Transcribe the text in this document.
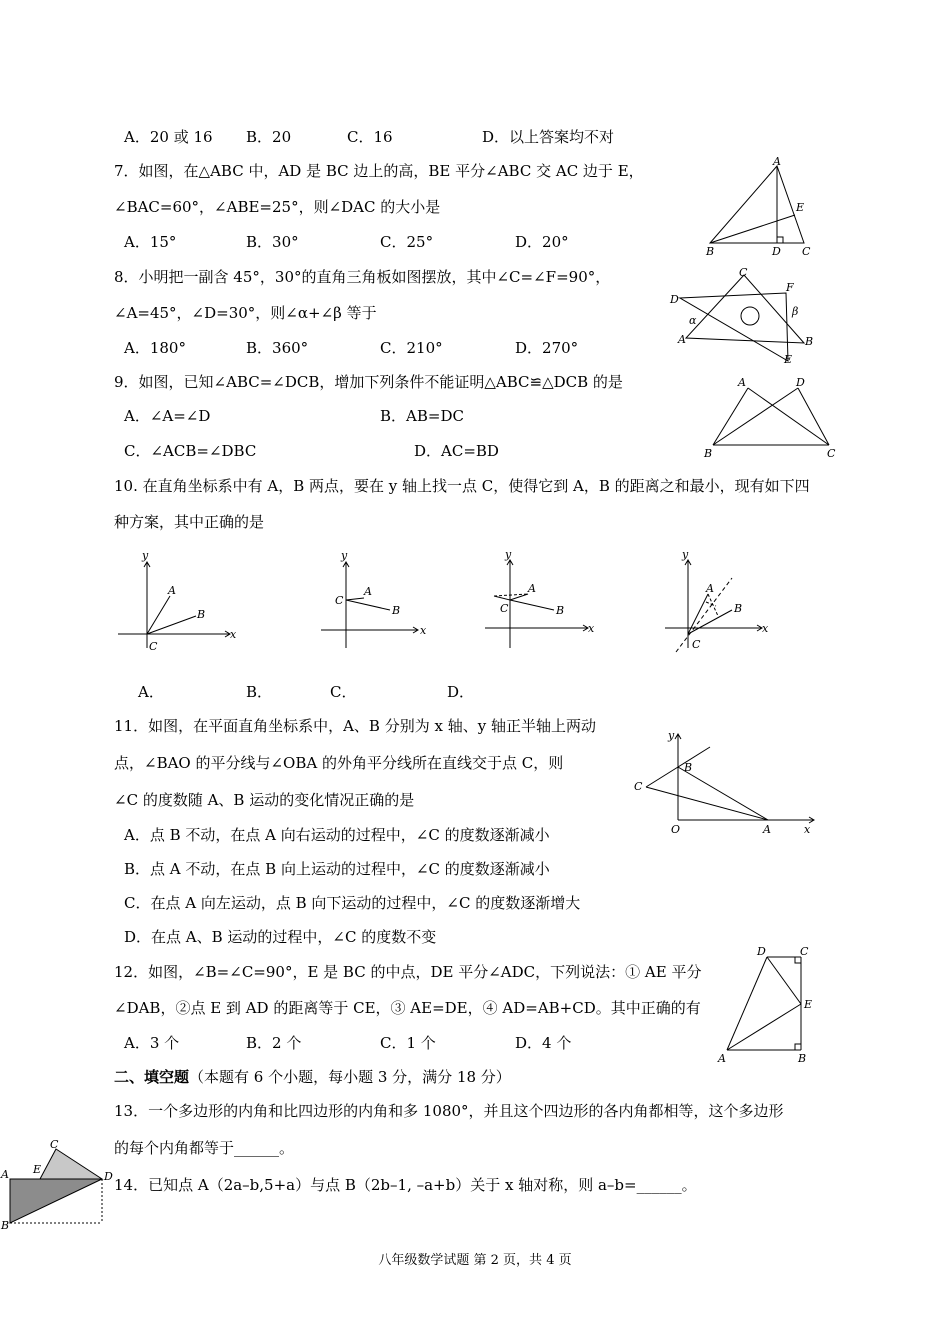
A．20 或 16 B．20	C．16	D．以上答案均不对
7．如图，在△ABC 中，AD 是 BC 边上的高，BE 平分∠ABC 交 AC 边于 E，
∠BAC=60°，∠ABE=25°，则∠DAC 的大小是
A．15°	B．30°	C．25°	D．20°
A
E
B	D C
8．小明把一副含 45°，30°的直角三角板如图摆放，其中∠C=∠F=90°，
∠A=45°，∠D=30°，则∠α+∠β 等于
A．180°	B．360°	C．210°	D．270°
C
F
D
α
β
A	B
E
9．如图，已知∠ABC=∠DCB，增加下列条件不能证明△ABC≌△DCB 的是
A．∠A=∠D	B．AB=DC
C．∠ACB=∠DBC	D．AC=BD
A	D
B	C
10. 在直角坐标系中有 A，B 两点，要在 y 轴上找一点 C，使得它到 A，B 的距离之和最小，现有如下四
种方案，其中正确的是
y
x
A
B
C
y
x
A
B
C
y
x
A
B
C
y
x
A
B
C
A．	B．	C．	D．
11．如图，在平面直角坐标系中，A、B 分别为 x 轴、y 轴正半轴上两动
点，∠BAO 的平分线与∠OBA 的外角平分线所在直线交于点 C，则
∠C 的度数随 A、B 运动的变化情况正确的是
A．点 B 不动，在点 A 向右运动的过程中，∠C 的度数逐渐减小
B．点 A 不动，在点 B 向上运动的过程中，∠C 的度数逐渐减小
C．在点 A 向左运动，点 B 向下运动的过程中，∠C 的度数逐渐增大
D．在点 A、B 运动的过程中，∠C 的度数不变
y
B
C
O	A	x
12．如图，∠B=∠C=90°，E 是 BC 的中点，DE 平分∠ADC，下列说法：① AE 平分
∠DAB，②点 E 到 AD 的距离等于 CE，③ AE=DE，④ AD=AB+CD。其中正确的有
A．3 个	B．2 个	C．1 个	D．4 个
D	C
E
A	B
二、填空题（本题有 6 个小题，每小题 3 分，满分 18 分）
13．一个多边形的内角和比四边形的内角和多 1080°，并且这个四边形的各内角都相等，这个多边形
的每个内角都等于______。
C
A E
D
B
14．已知点 A（2a–b,5+a）与点 B（2b–1, –a+b）关于 x 轴对称，则 a–b=______。
八年级数学试题 第 2 页，共 4 页
